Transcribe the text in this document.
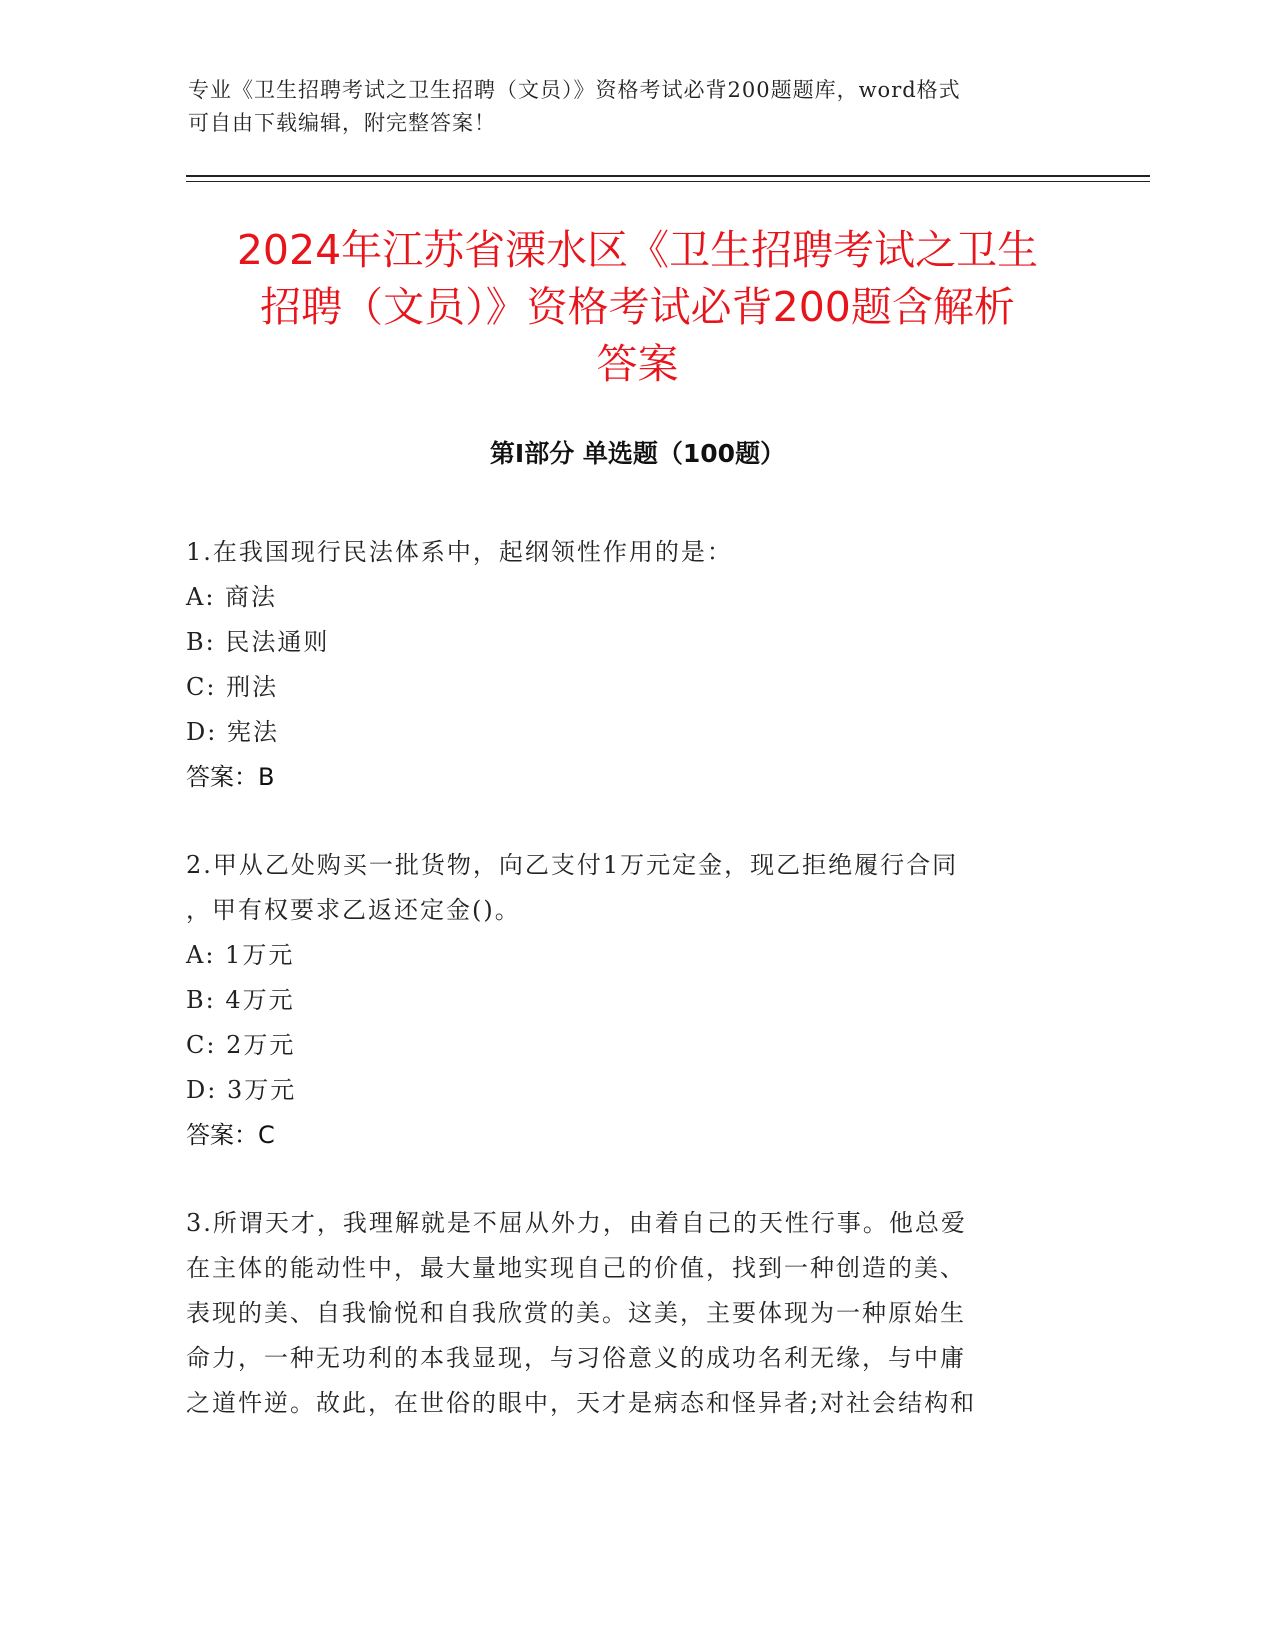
专业《卫生招聘考试之卫生招聘（文员）》资格考试必背200题题库，word格式
可自由下载编辑，附完整答案！
2024年江苏省溧水区《卫生招聘考试之卫生
招聘（文员）》资格考试必背200题含解析
答案
第Ⅰ部分 单选题（100题）

1.在我国现行民法体系中，起纲领性作用的是：

A: 商法
B: 民法通则
C: 刑法
D: 宪法

答案：B

2.甲从乙处购买一批货物，向乙支付1万元定金，现乙拒绝履行合同
，甲有权要求乙返还定金()。

A: 1万元
B: 4万元
C: 2万元
D: 3万元

答案：C

3.所谓天才，我理解就是不屈从外力，由着自己的天性行事。他总爱
在主体的能动性中，最大量地实现自己的价值，找到一种创造的美、
表现的美、自我愉悦和自我欣赏的美。这美，主要体现为一种原始生
命力，一种无功利的本我显现，与习俗意义的成功名利无缘，与中庸
之道忤逆。故此，在世俗的眼中，天才是病态和怪异者;对社会结构和
